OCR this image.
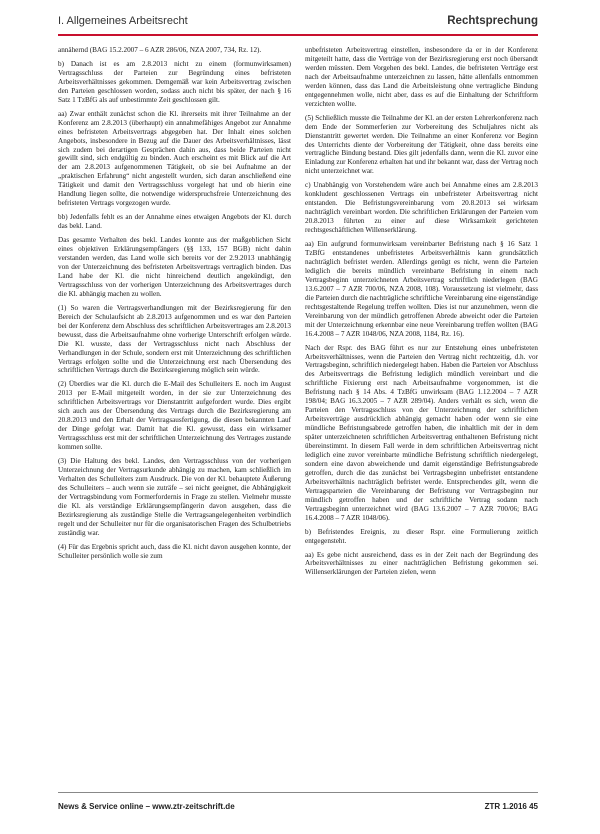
I. Allgemeines Arbeitsrecht	Rechtsprechung

annähernd (BAG 15.2.2007 – 6 AZR 286/06, NZA 2007, 734, Rz. 12).

b) Danach ist es am 2.8.2013 nicht zu einem (formunwirksamen) Vertragsschluss der Parteien zur Begründung eines befristeten Arbeitsverhältnisses gekommen. Demgemäß war kein Arbeitsvertrag zwischen den Parteien geschlossen worden, sodass auch nicht bis später, der nach § 16 Satz 1 TzBfG als auf unbestimmte Zeit geschlossen gilt.

aa) Zwar enthält zunächst schon die Kl. ihrerseits mit ihrer Teilnahme an der Konferenz am 2.8.2013 (überhaupt) ein annahmefähiges Angebot zur Annahme eines befristeten Arbeitsvertrags abgegeben hat. Der Inhalt eines solchen Angebots, insbesondere in Bezug auf die Dauer des Arbeitsverhältnisses, lässt sich zudem bei derartigen Gesprächen dahin aus, dass beide Parteien nicht gewillt sind, sich endgültig zu binden. Auch erscheint es mit Blick auf die Art der am 2.8.2013 aufgenommenen Tätigkeit, ob sie bei Aufnahme an der „praktischen Erfahrung“ nicht angestellt wurden, sich daran anschließend eine Tätigkeit und damit den Vertragsschluss vorgelegt hat und ob hierin eine Handlung liegen sollte, die notwendige widerspruchsfreie Unterzeichnung des befristeten Vertrags vorgezogen wurde.

bb) Jedenfalls fehlt es an der Annahme eines etwaigen Angebots der Kl. durch das bekl. Land.

Das gesamte Verhalten des bekl. Landes konnte aus der maßgeblichen Sicht eines objektiven Erklärungsempfängers (§§ 133, 157 BGB) nicht dahin verstanden werden, das Land wolle sich bereits vor der 2.9.2013 unabhängig von der Unterzeichnung des befristeten Arbeitsvertrags vertraglich binden. Das Land habe der Kl. die nicht hinreichend deutlich angekündigt, den Vertragsschluss von der vorherigen Unterzeichnung des Arbeitsvertrages durch die Kl. abhängig machen zu wollen.

(1) So waren die Vertragsverhandlungen mit der Bezirksregierung für den Bereich der Schulaufsicht ab 2.8.2013 aufgenommen und es war den Parteien bei der Konferenz dem Abschluss des schriftlichen Arbeitsvertrages am 2.8.2013 bewusst, dass die Arbeitsaufnahme ohne vorherige Unterschrift erfolgen würde. Die Kl. wusste, dass der Vertragsschluss nicht nach Abschluss der Verhandlungen in der Schule, sondern erst mit Unterzeichnung des schriftlichen Vertrags erfolgen sollte und die Unterzeichnung erst nach Übersendung des schriftlichen Vertrags durch die Bezirksregierung möglich sein würde.

(2) Überdies war die Kl. durch die E-Mail des Schulleiters E. noch im August 2013 per E-Mail mitgeteilt worden, in der sie zur Unterzeichnung des schriftlichen Arbeitsvertrags vor Dienstantritt aufgefordert wurde. Dies ergibt sich auch aus der Übersendung des Vertrags durch die Bezirksregierung am 20.8.2013 und den Erhalt der Vertragsausfertigung, die diesen bekannten Lauf der Dinge gefolgt war. Damit hat die Kl. gewusst, dass ein wirksamer Vertragsschluss erst mit der schriftlichen Unterzeichnung des Vertrages zustande kommen sollte.

(3) Die Haltung des bekl. Landes, den Vertragsschluss von der vorherigen Unterzeichnung der Vertragsurkunde abhängig zu machen, kam schließlich im Verhalten des Schulleiters zum Ausdruck. Die von der Kl. behauptete Äußerung des Schulleiters – auch wenn sie zuträfe – sei nicht geeignet, die Abhängigkeit der Vertragsbindung vom Formerfordernis in Frage zu stellen. Vielmehr musste die Kl. als verständige Erklärungsempfängerin davon ausgehen, dass die Bezirksregierung als zuständige Stelle die Vertragsangelegenheiten verbindlich regelt und der Schulleiter nur für die organisatorischen Fragen des Schulbetriebs zuständig war.

(4) Für das Ergebnis spricht auch, dass die Kl. nicht davon ausgehen konnte, der Schulleiter persönlich wolle sie zum

unbefristeten Arbeitsvertrag einstellen, insbesondere da er in der Konferenz mitgeteilt hatte, dass die Verträge von der Bezirksregierung erst noch übersandt werden müssten. Dem Vorgehen des bekl. Landes, die befristeten Verträge erst nach der Arbeitsaufnahme unterzeichnen zu lassen, hätte allenfalls entnommen werden können, dass das Land die Arbeitsleistung ohne vertragliche Bindung entgegennehmen wolle, nicht aber, dass es auf die Einhaltung der Schriftform verzichten wollte.

(5) Schließlich musste die Teilnahme der Kl. an der ersten Lehrerkonferenz nach dem Ende der Sommerferien zur Vorbereitung des Schuljahres nicht als Dienstantritt gewertet werden. Die Teilnahme an einer Konferenz vor Beginn des Unterrichts diente der Vorbereitung der Tätigkeit, ohne dass bereits eine vertragliche Bindung bestand. Dies gilt jedenfalls dann, wenn die Kl. zuvor eine Einladung zur Konferenz erhalten hat und ihr bekannt war, dass der Vertrag noch nicht unterzeichnet war.

c) Unabhängig von Vorstehendem wäre auch bei Annahme eines am 2.8.2013 konkludent geschlossenen Vertrags ein unbefristeter Arbeitsvertrag nicht entstanden. Die Befristungsvereinbarung vom 20.8.2013 sei wirksam nachträglich vereinbart worden. Die schriftlichen Erklärungen der Parteien vom 20.8.2013 führten zu einer auf diese Wirksamkeit gerichteten rechtsgeschäftlichen Willenserklärung.

aa) Ein aufgrund formunwirksam vereinbarter Befristung nach § 16 Satz 1 TzBfG entstandenes unbefristetes Arbeitsverhältnis kann grundsätzlich nachträglich befristet werden. Allerdings genügt es nicht, wenn die Parteien lediglich die bereits mündlich vereinbarte Befristung in einem nach Vertragsbeginn unterzeichneten Arbeitsvertrag schriftlich niederlegen (BAG 13.6.2007 – 7 AZR 700/06, NZA 2008, 108). Voraussetzung ist vielmehr, dass die Parteien durch die nachträgliche schriftliche Vereinbarung eine eigenständige rechtsgestaltende Regelung treffen wollten. Dies ist nur anzunehmen, wenn die Vereinbarung von der mündlich getroffenen Abrede abweicht oder die Parteien mit der Unterzeichnung erkennbar eine neue Vereinbarung treffen wollten (BAG 16.4.2008 – 7 AZR 1048/06, NZA 2008, 1184, Rz. 16).

Nach der Rspr. des BAG führt es nur zur Entstehung eines unbefristeten Arbeitsverhältnisses, wenn die Parteien den Vertrag nicht rechtzeitig, d.h. vor Vertragsbeginn, schriftlich niedergelegt haben. Haben die Parteien vor Abschluss des Arbeitsvertrags die Befristung lediglich mündlich vereinbart und die schriftliche Fixierung erst nach Arbeitsaufnahme vorgenommen, ist die Befristung nach § 14 Abs. 4 TzBfG unwirksam (BAG 1.12.2004 – 7 AZR 198/04; BAG 16.3.2005 – 7 AZR 289/04). Anders verhält es sich, wenn die Parteien den Vertragsschluss von der Unterzeichnung der schriftlichen Arbeitsverträge ausdrücklich abhängig gemacht haben oder wenn sie eine mündliche Befristungsabrede getroffen haben, die inhaltlich mit der in dem später unterzeichneten schriftlichen Arbeitsvertrag enthaltenen Befristung nicht übereinstimmt. In diesem Fall werde in dem schriftlichen Arbeitsvertrag nicht lediglich eine zuvor vereinbarte mündliche Befristung schriftlich niedergelegt, sondern eine davon abweichende und damit eigenständige Befristungsabrede getroffen, durch die das zunächst bei Vertragsbeginn unbefristet entstandene Arbeitsverhältnis nachträglich befristet werde. Entsprechendes gilt, wenn die Vertragsparteien die Vereinbarung der Befristung vor Vertragsbeginn nur mündlich getroffen haben und der schriftliche Vertrag sodann nach Vertragsbeginn unterzeichnet wird (BAG 13.6.2007 – 7 AZR 700/06; BAG 16.4.2008 – 7 AZR 1048/06).

b) Befristendes Ereignis, zu dieser Rspr. eine Formulierung zeitlich entgegensteht.

aa) Es gebe nicht ausreichend, dass es in der Zeit nach der Begründung des Arbeitsverhältnisses zu einer nachträglichen Befristung gekommen sei. Willenserklärungen der Parteien zielen, wenn

News & Service online – www.ztr-zeitschrift.de	ZTR 1.2016 45
